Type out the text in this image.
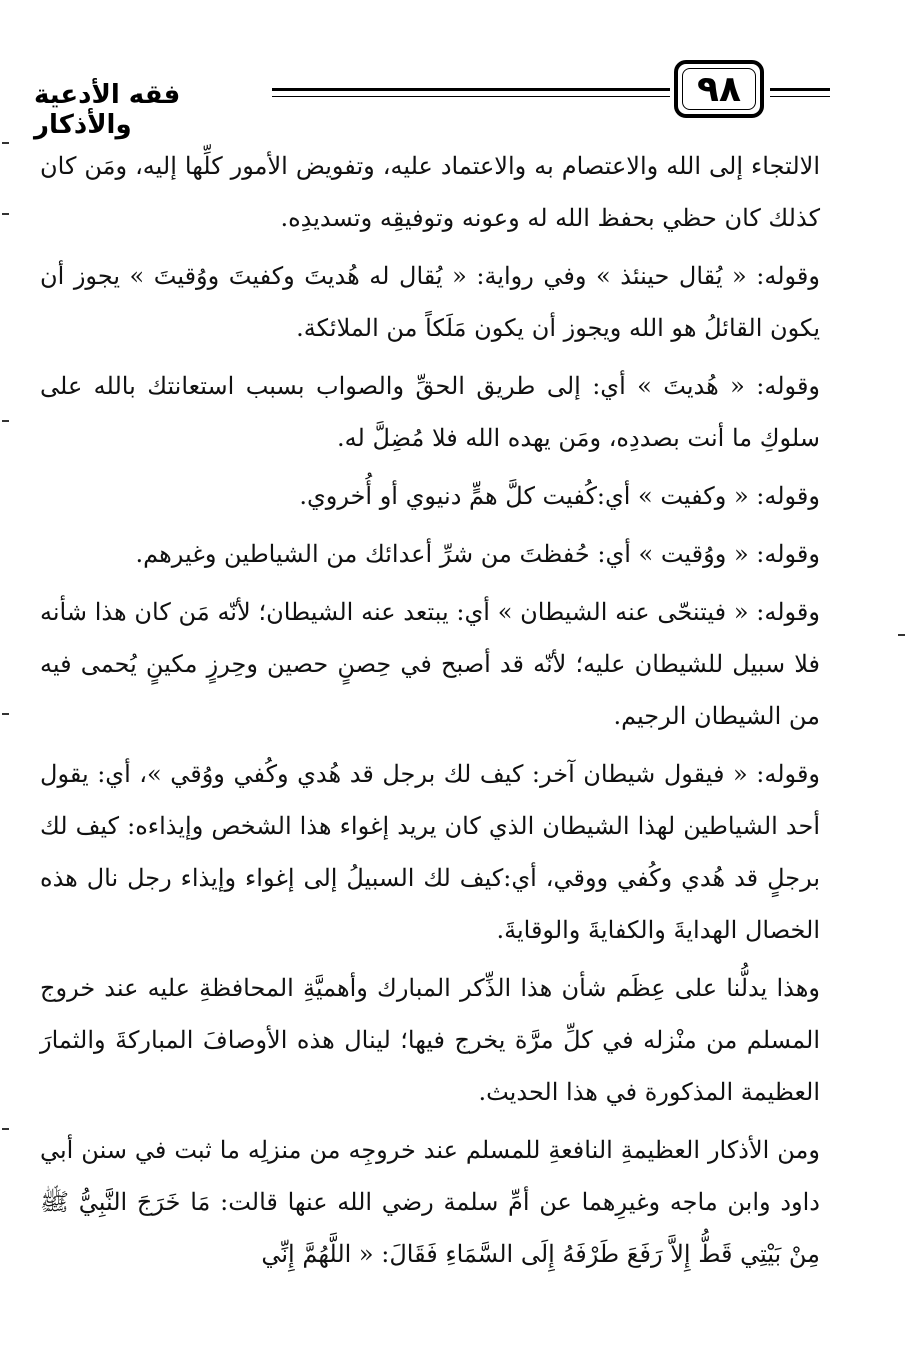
فقه الأدعية والأذكار
٩٨

الالتجاء إلى الله والاعتصام به والاعتماد عليه، وتفويض الأمور كلِّها إليه، ومَن كان كذلك كان حظي بحفظ الله له وعونه وتوفيقِه وتسديدِه.

وقوله: « يُقال حينئذ » وفي رواية: « يُقال له هُديتَ وكفيتَ ووُقيتَ » يجوز أن يكون القائلُ هو الله ويجوز أن يكون مَلَكاً من الملائكة.

وقوله: « هُديتَ » أي: إلى طريق الحقِّ والصواب بسبب استعانتك بالله على سلوكِ ما أنت بصددِه، ومَن يهده الله فلا مُضِلَّ له.

وقوله: « وكفيت » أي:كُفيت كلَّ همٍّ دنيوي أو أُخروي.

وقوله: « ووُقيت » أي: حُفظتَ من شرِّ أعدائك من الشياطين وغيرهم.

وقوله: « فيتنحّى عنه الشيطان » أي: يبتعد عنه الشيطان؛ لأنّه مَن كان هذا شأنه فلا سبيل للشيطان عليه؛ لأنّه قد أصبح في حِصنٍ حصين وحِرزٍ مكينٍ يُحمى فيه من الشيطان الرجيم.

وقوله: « فيقول شيطان آخر: كيف لك برجل قد هُدي وكُفي ووُقي »، أي: يقول أحد الشياطين لهذا الشيطان الذي كان يريد إغواء هذا الشخص وإيذاءه: كيف لك برجلٍ قد هُدي وكُفي ووقي، أي:كيف لك السبيلُ إلى إغواء وإيذاء رجل نال هذه الخصال الهدايةَ والكفايةَ والوقايةَ.

وهذا يدلُّنا على عِظَم شأن هذا الذِّكر المبارك وأهميَّةِ المحافظةِ عليه عند خروج المسلم من منْزله في كلِّ مرَّة يخرج فيها؛ لينال هذه الأوصافَ المباركةَ والثمارَ العظيمة المذكورة في هذا الحديث.

ومن الأذكار العظيمةِ النافعةِ للمسلم عند خروجِه من منزلِه ما ثبت في سنن أبي داود وابن ماجه وغيرِهما عن أمِّ سلمة رضي الله عنها قالت: مَا خَرَجَ النَّبِيُّ ﷺ مِنْ بَيْتِي قَطُّ إِلاَّ رَفَعَ طَرْفَهُ إِلَى السَّمَاءِ فَقَالَ: « اللَّهُمَّ إِنِّي
